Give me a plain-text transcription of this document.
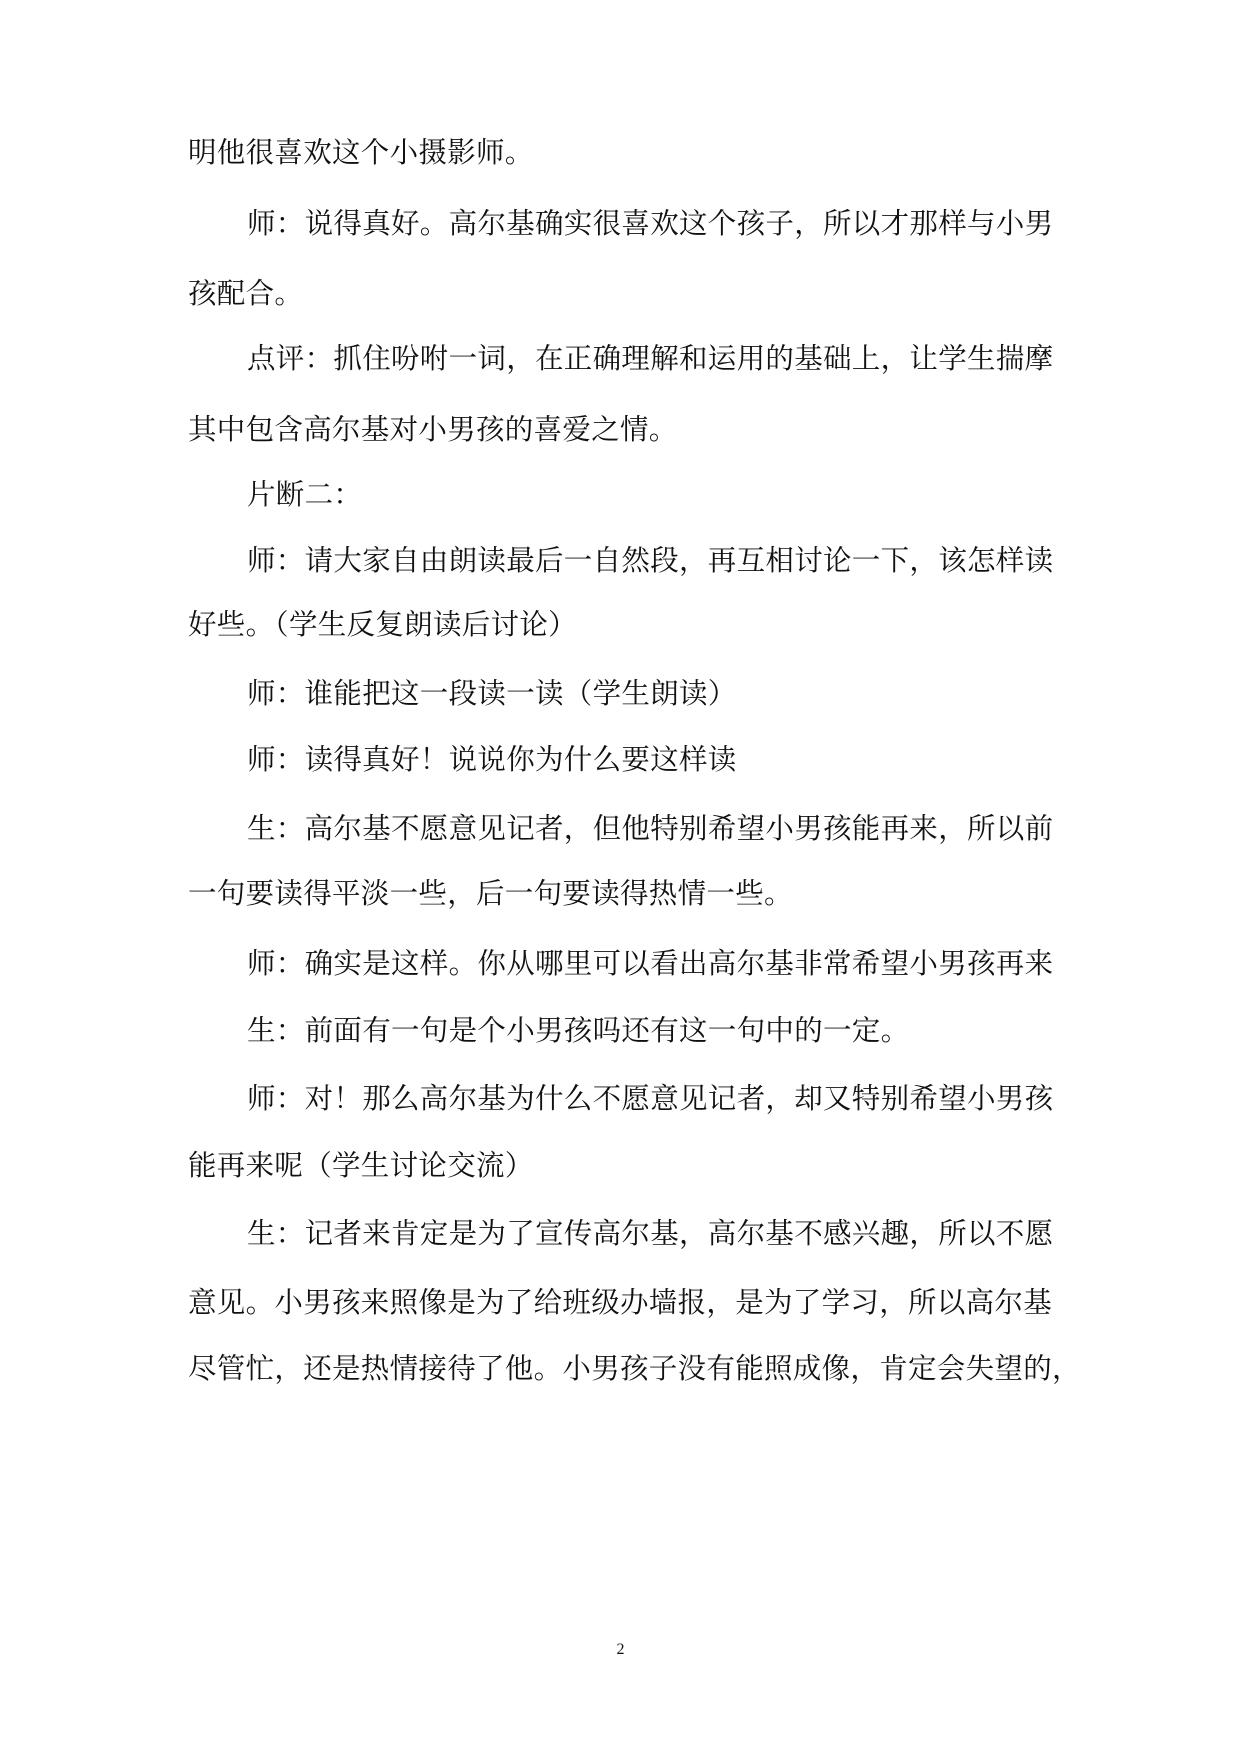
明他很喜欢这个小摄影师。
师：说得真好。高尔基确实很喜欢这个孩子，所以才那样与小男
孩配合。
点评：抓住吩咐一词，在正确理解和运用的基础上，让学生揣摩
其中包含高尔基对小男孩的喜爱之情。
片断二：
师：请大家自由朗读最后一自然段，再互相讨论一下，该怎样读
好些。（学生反复朗读后讨论）
师：谁能把这一段读一读（学生朗读）
师：读得真好！说说你为什么要这样读
生：高尔基不愿意见记者，但他特别希望小男孩能再来，所以前
一句要读得平淡一些，后一句要读得热情一些。
师：确实是这样。你从哪里可以看出高尔基非常希望小男孩再来
生：前面有一句是个小男孩吗还有这一句中的一定。
师：对！那么高尔基为什么不愿意见记者，却又特别希望小男孩
能再来呢（学生讨论交流）
生：记者来肯定是为了宣传高尔基，高尔基不感兴趣，所以不愿
意见。小男孩来照像是为了给班级办墙报，是为了学习，所以高尔基
尽管忙，还是热情接待了他。小男孩子没有能照成像，肯定会失望的，
2
